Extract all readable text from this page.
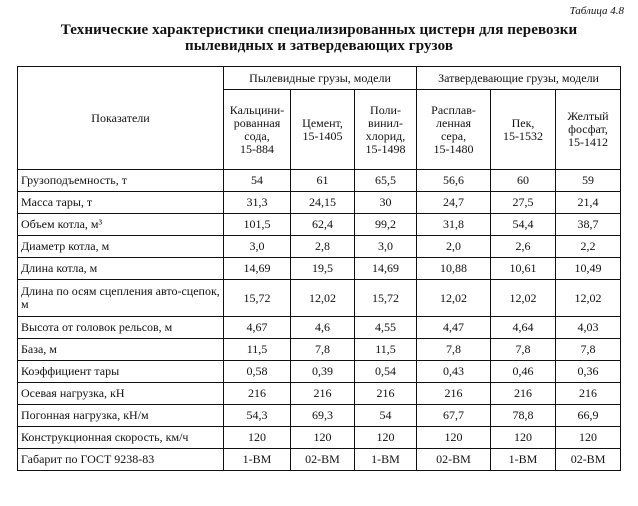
Таблица 4.8
Технические характеристики специализированных цистерн для перевозки
пылевидных и затвердевающих грузов
Показатели	Пылевидные грузы, модели			Затвердевающие грузы, модели		

	Кальцини-
рованная
сода,
15-884	Цемент,
15-1405	Поли-
винил-
хлорид,
15-1498	Расплав-
ленная
сера,
15-1480	Пек,
15-1532	Желтый
фосфат,
15-1412

Грузоподъемность, т	54	61	65,5	56,6	60	59
Масса тары, т	31,3	24,15	30	24,7	27,5	21,4
Объем котла, м³	101,5	62,4	99,2	31,8	54,4	38,7
Диаметр котла, м	3,0	2,8	3,0	2,0	2,6	2,2
Длина котла, м	14,69	19,5	14,69	10,88	10,61	10,49
Длина по осям сцепления авто-сцепок, м	15,72	12,02	15,72	12,02	12,02	12,02
Высота от головок рельсов, м	4,67	4,6	4,55	4,47	4,64	4,03
База, м	11,5	7,8	11,5	7,8	7,8	7,8
Коэффициент тары	0,58	0,39	0,54	0,43	0,46	0,36
Осевая нагрузка, кН	216	216	216	216	216	216
Погонная нагрузка, кН/м	54,3	69,3	54	67,7	78,8	66,9
Конструкционная скорость, км/ч	120	120	120	120	120	120
Габарит по ГОСТ 9238-83	1-ВМ	02-ВМ	1-ВМ	02-ВМ	1-ВМ	02-ВМ
